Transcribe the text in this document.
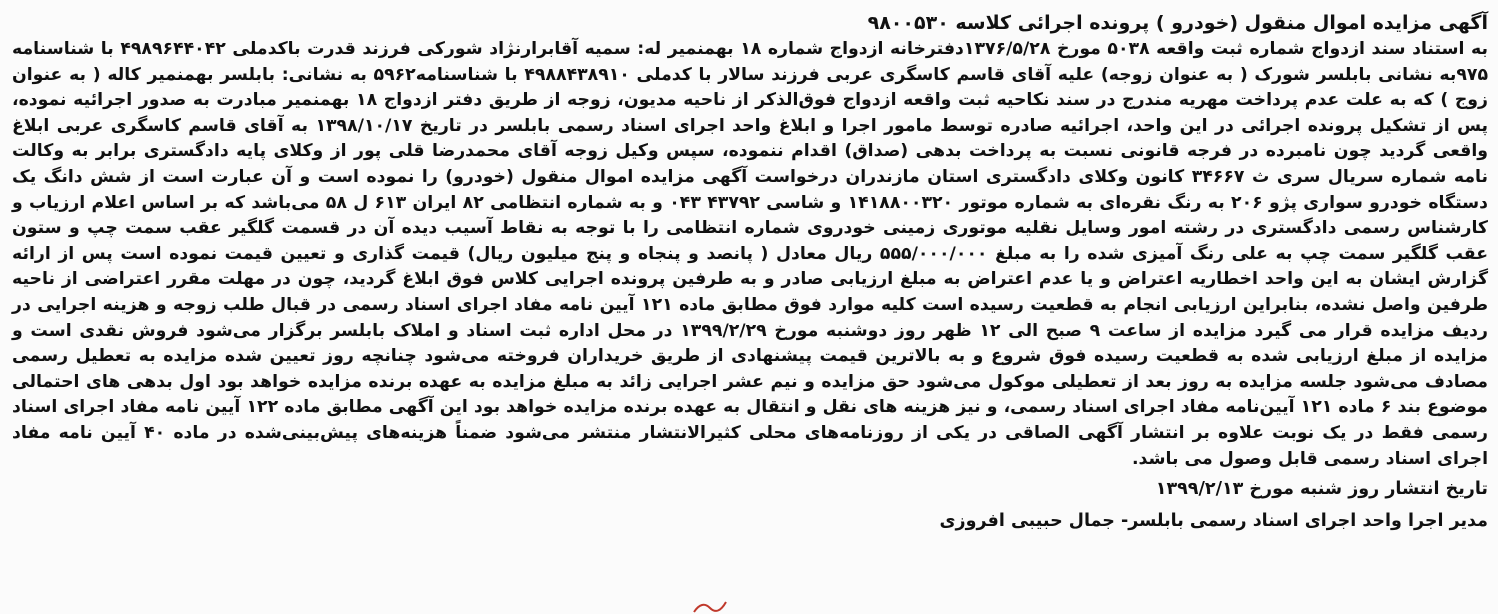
آگهی مزایده اموال منقول (خودرو ) پرونده اجرائی کلاسه ۹۸۰۰۵۳۰

به استناد سند ازدواج شماره ثبت واقعه ۵۰۳۸ مورخ ۱۳۷۶/۵/۲۸دفترخانه ازدواج شماره ۱۸ بهمنمیر له: سمیه آقابرارنژاد شورکی فرزند قدرت باکدملی ۴۹۸۹۶۴۴۰۴۲ با شناسنامه ۹۷۵به نشانی بابلسر شورک ( به عنوان زوجه) علیه آقای قاسم کاسگری عربی فرزند سالار با کدملی ۴۹۸۸۴۳۸۹۱۰ با شناسنامه۵۹۶۲ به نشانی: بابلسر بهمنمیر کاله ( به عنوان زوج ) که به علت عدم پرداخت مهریه مندرج در سند نکاحیه ثبت واقعه ازدواج فوق‌الذکر از ناحیه مدیون، زوجه از طریق دفتر ازدواج ۱۸ بهمنمیر مبادرت به صدور اجرائیه نموده، پس از تشکیل پرونده اجرائی در این واحد، اجرائیه صادره توسط مامور اجرا و ابلاغ واحد اجرای اسناد رسمی بابلسر در تاریخ ۱۳۹۸/۱۰/۱۷ به آقای قاسم کاسگری عربی ابلاغ واقعی گردید چون نامبرده در فرجه قانونی نسبت به پرداخت بدهی (صداق) اقدام ننموده، سپس وکیل زوجه آقای محمدرضا قلی پور از وکلای پایه دادگستری برابر به وکالت نامه شماره سریال سری ث ۳۴۶۶۷ کانون وکلای دادگستری استان مازندران درخواست آگهی مزایده اموال منقول (خودرو) را نموده است و آن عبارت است از شش دانگ یک دستگاه خودرو سواری پژو ۲۰۶ به رنگ نقره‌ای به شماره موتور ۱۴۱۸۸۰۰۳۲۰ و شاسی ۴۳۷۹۲ ۰۴۳ و به شماره انتظامی ۸۲ ایران ۶۱۳ ل ۵۸ می‌باشد که بر اساس اعلام ارزیاب و کارشناس رسمی دادگستری در رشته امور وسایل نقلیه موتوری زمینی خودروی شماره انتظامی را با توجه به نقاط آسیب دیده آن در قسمت گلگیر عقب سمت چپ و ستون عقب گلگیر سمت چپ به علی رنگ آمیزی شده را به مبلغ ۵۵۵/۰۰۰/۰۰۰ ریال معادل ( پانصد و پنجاه و پنج میلیون ریال) قیمت گذاری و تعیین قیمت نموده است پس از ارائه گزارش ایشان به این واحد اخطاریه اعتراض و یا عدم اعتراض به مبلغ ارزیابی صادر و به طرفین پرونده اجرایی کلاس فوق ابلاغ گردید، چون در مهلت مقرر اعتراضی از ناحیه طرفین واصل نشده، بنابراین ارزیابی انجام به قطعیت رسیده است کلیه موارد فوق مطابق ماده ۱۲۱ آیین نامه مفاد اجرای اسناد رسمی در قبال طلب زوجه و هزینه اجرایی در ردیف مزایده قرار می گیرد مزایده از ساعت ۹ صبح الی ۱۲ ظهر روز دوشنبه مورخ ۱۳۹۹/۲/۲۹ در محل اداره ثبت اسناد و املاک بابلسر برگزار می‌شود فروش نقدی است و مزایده از مبلغ ارزیابی شده به قطعیت رسیده فوق شروع و به بالاترین قیمت پیشنهادی از طریق خریداران فروخته می‌شود چنانچه روز تعیین شده مزایده به تعطیل رسمی مصادف می‌شود جلسه مزایده به روز بعد از تعطیلی موکول می‌شود حق مزایده و نیم عشر اجرایی زائد به مبلغ مزایده به عهده برنده مزایده خواهد بود اول بدهی های احتمالی موضوع بند ۶ ماده ۱۲۱ آیین‌نامه مفاد اجرای اسناد رسمی، و نیز هزینه های نقل و انتقال به عهده برنده مزایده خواهد بود این آگهی مطابق ماده ۱۲۲ آیین نامه مفاد اجرای اسناد رسمی فقط در یک نوبت علاوه بر انتشار آگهی الصاقی در یکی از روزنامه‌های محلی کثیرالانتشار منتشر می‌شود ضمناً هزینه‌های پیش‌بینی‌شده در ماده ۴۰ آیین نامه مفاد اجرای اسناد رسمی قابل وصول می باشد.

تاریخ انتشار روز شنبه مورخ ۱۳۹۹/۲/۱۳

مدیر اجرا واحد اجرای اسناد رسمی بابلسر- جمال حبیبی افروزی
